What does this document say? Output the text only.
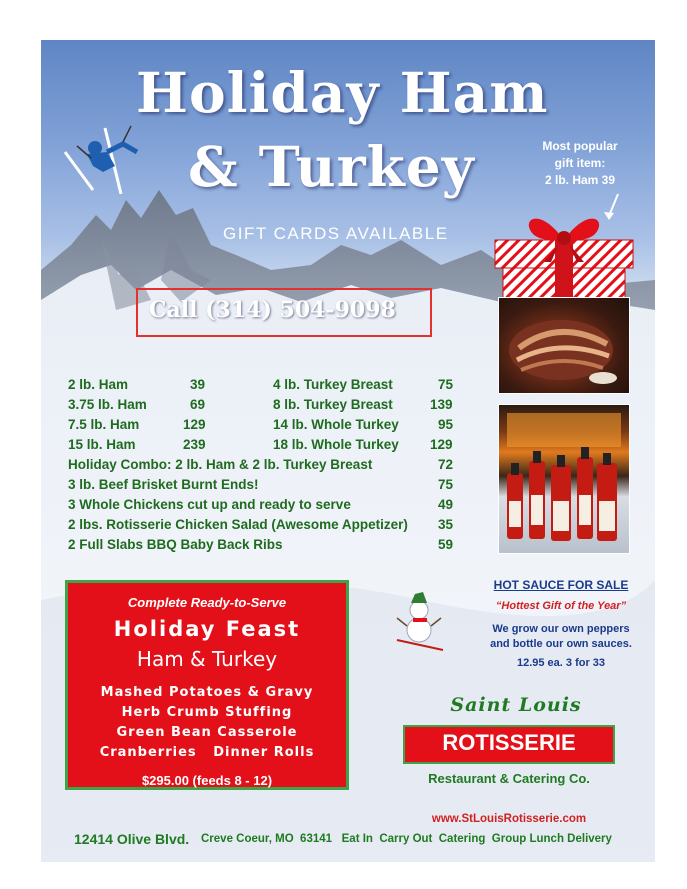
Holiday Ham
& Turkey
GIFT CARDS AVAILABLE
Most popular
gift item:
2 lb. Ham 39
Call (314) 504-9098
2 lb. Ham	39	4 lb. Turkey Breast	75
3.75 lb. Ham	69	8 lb. Turkey Breast	139
7.5 lb. Ham	129	14 lb. Whole Turkey	95
15 lb. Ham	239	18 lb. Whole Turkey 129
Holiday Combo: 2 lb. Ham & 2 lb. Turkey Breast	72
3 lb. Beef Brisket Burnt Ends!	75
3 Whole Chickens cut up and ready to serve	49
2 lbs. Rotisserie Chicken Salad (Awesome Appetizer) 35
2 Full Slabs BBQ Baby Back Ribs	59
Complete Ready-to-Serve
Holiday Feast
Ham & Turkey
Mashed Potatoes & Gravy
Herb Crumb Stuffing
Green Bean Casserole
Cranberries   Dinner Rolls
$295.00 (feeds 8 - 12)
HOT SAUCE FOR SALE
“Hottest Gift of the Year”
We grow our own peppers
and bottle our own sauces.
12.95 ea. 3 for 33
Saint Louis
ROTISSERIE
Restaurant & Catering Co.
www.StLouisRotisserie.com
12414 Olive Blvd. Creve Coeur, MO  63141   Eat In  Carry Out  Catering  Group Lunch Delivery
